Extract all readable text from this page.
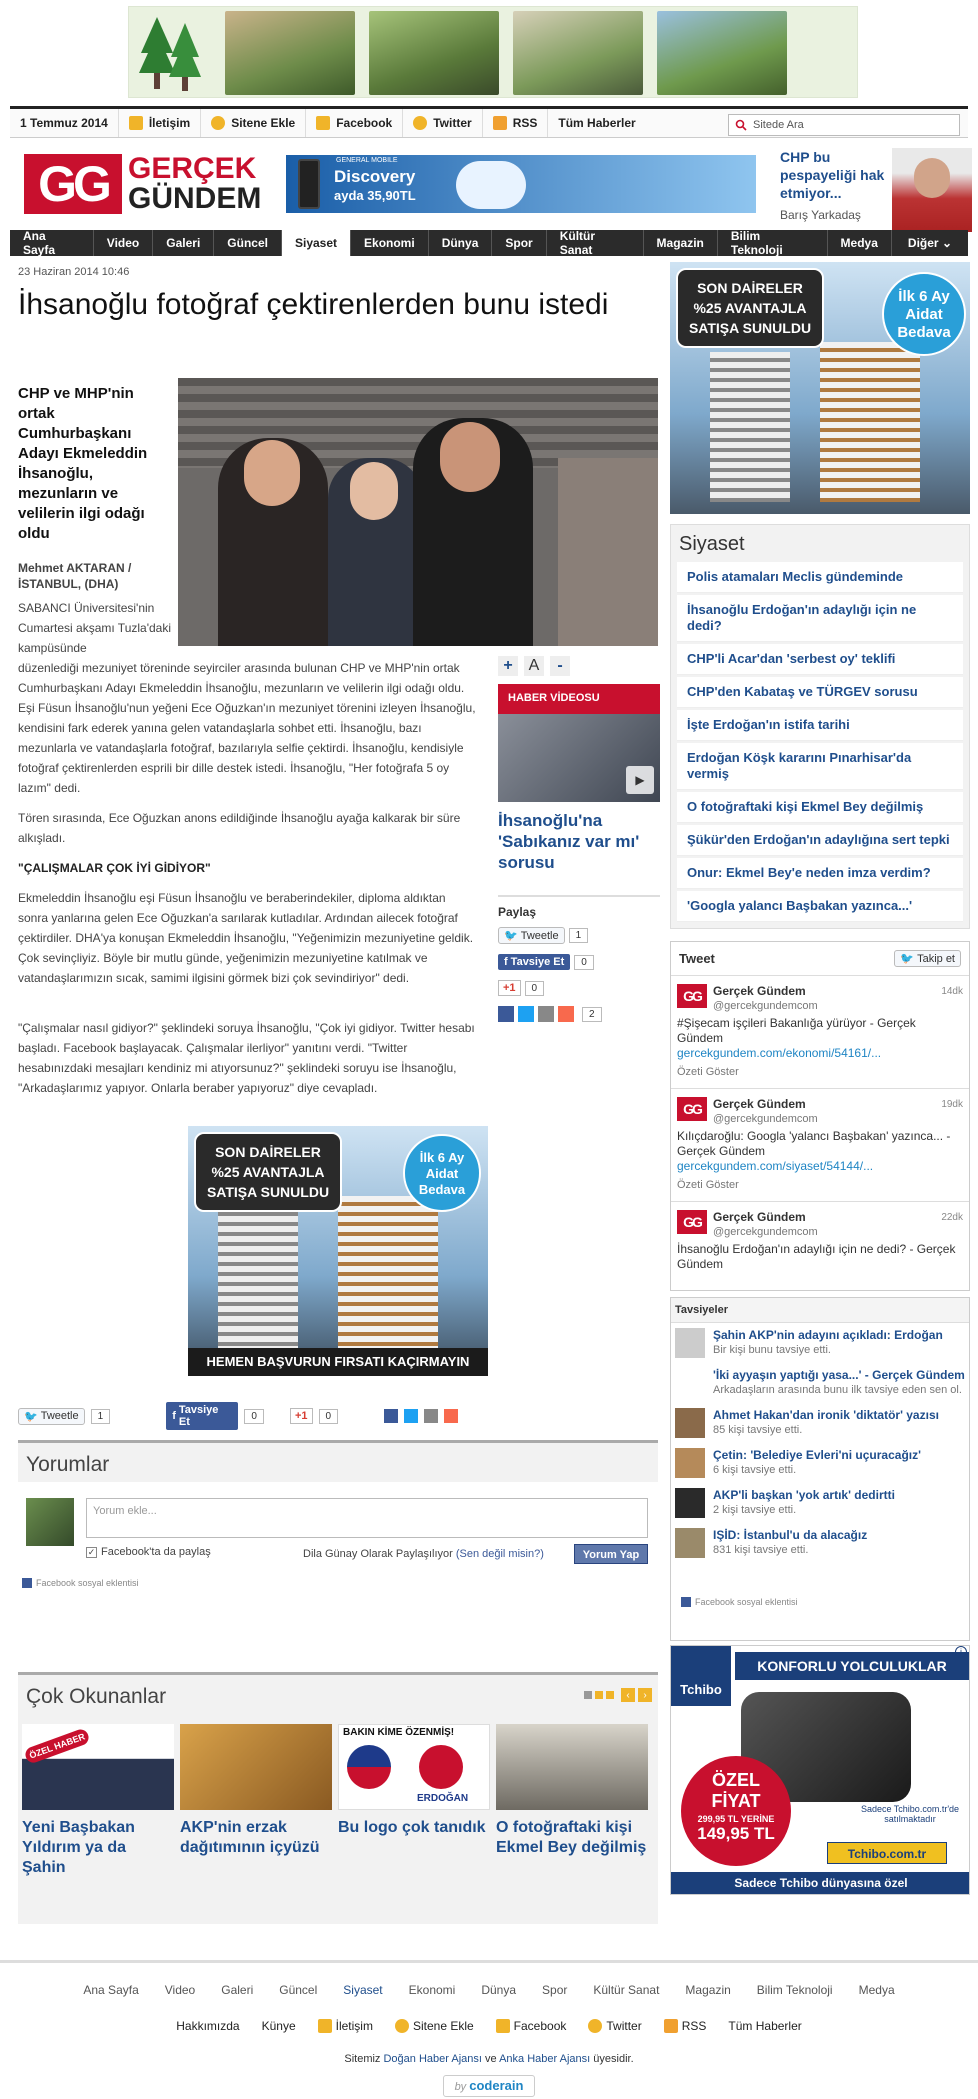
1 Temmuz 2014	İletişim	Sitene Ekle	Facebook	Twitter	RSS Tüm Haberler	Sitede Ara
GG GERÇEK
GÜNDEM
GENERAL MOBILE
Discovery
ayda 35,90TL
CHP bu pespayeliği hak etmiyor...
Barış Yarkadaş
Ana Sayfa	Video	Galeri	Güncel	Siyaset	Ekonomi	Dünya	Spor	Kültür Sanat	Magazin	Bilim Teknoloji	Medya	Diğer
⌄
23 Haziran 2014 10:46
İhsanoğlu fotoğraf çektirenlerden bunu istedi
CHP ve MHP'nin ortak Cumhurbaşkanı Adayı Ekmeleddin İhsanoğlu, mezunların ve velilerin ilgi odağı oldu
Mehmet AKTARAN / İSTANBUL, (DHA)

SABANCI Üniversitesi'nin Cumartesi akşamı Tuzla'daki kampüsünde

düzenlediği mezuniyet töreninde seyirciler arasında bulunan CHP ve MHP'nin ortak Cumhurbaşkanı Adayı Ekmeleddin İhsanoğlu, mezunların ve velilerin ilgi odağı oldu. Eşi Füsun İhsanoğlu'nun yeğeni Ece Oğuzkan'ın mezuniyet törenini izleyen İhsanoğlu, kendisini fark ederek yanına gelen vatandaşlarla sohbet etti. İhsanoğlu, bazı mezunlarla ve vatandaşlarla fotoğraf, bazılarıyla selfie çektirdi. İhsanoğlu, kendisiyle fotoğraf çektirenlerden esprili bir dille destek istedi. İhsanoğlu, "Her fotoğrafa 5 oy lazım" dedi.

Tören sırasında, Ece Oğuzkan anons edildiğinde İhsanoğlu ayağa kalkarak bir süre alkışladı.

"ÇALIŞMALAR ÇOK İYİ GİDİYOR"

Ekmeleddin İhsanoğlu eşi Füsun İhsanoğlu ve beraberindekiler, diploma aldıktan sonra yanlarına gelen Ece Oğuzkan'a sarılarak kutladılar. Ardından ailecek fotoğraf çektirdiler. DHA'ya konuşan Ekmeleddin İhsanoğlu, "Yeğenimizin mezuniyetine geldik. Çok sevinçliyiz. Böyle bir mutlu günde, yeğenimizin mezuniyetine katılmak ve vatandaşlarımızın sıcak, samimi ilgisini görmek bizi çok sevindiriyor" dedi.

"Çalışmalar nasıl gidiyor?" şeklindeki soruya İhsanoğlu, "Çok iyi gidiyor. Twitter hesabı başladı. Facebook başlayacak. Çalışmalar ilerliyor" yanıtını verdi. "Twitter hesabınızdaki mesajları kendiniz mi atıyorsunuz?" şeklindeki soruyu ise İhsanoğlu, "Arkadaşlarımız yapıyor. Onlarla beraber yapıyoruz" diye cevapladı.

+ A	-
HABER VİDEOSU
▶
İhsanoğlu'na 'Sabıkanız var mı' sorusu
Paylaş
🐦 Tweetle	1
f Tavsiye Et	0
+1	0
2
SON DAİRELER
%25 AVANTAJLA
SATIŞA SUNULDU
İlk 6 Ay
Aidat
Bedava
HEMEN BAŞVURUN FIRSATI KAÇIRMAYIN
🐦 Tweetle	1	f Tavsiye Et	0	+1	0
Yorumlar
Yorum ekle...
✓ Facebook'ta da paylaş	Dila Günay Olarak Paylaşılıyor (Sen değil misin?)	Yorum Yap
Facebook sosyal eklentisi
Çok Okunanlar	‹	›
ÖZEL HABER
Yeni Başbakan Yıldırım ya da Şahin
AKP'nin erzak dağıtımının içyüzü
BAKIN KİME ÖZENMİŞ!
ERDOĞAN
Bu logo çok tanıdık O fotoğraftaki kişi Ekmel Bey değilmiş
SON DAİRELER
%25 AVANTAJLA
SATIŞA SUNULDU
İlk 6 Ay
Aidat
Bedava
Siyaset
Polis atamaları Meclis gündeminde
İhsanoğlu Erdoğan'ın adaylığı için ne dedi?
CHP'li Acar'dan 'serbest oy' teklifi
CHP'den Kabataş ve TÜRGEV sorusu
İşte Erdoğan'ın istifa tarihi
Erdoğan Köşk kararını Pınarhisar'da vermiş
O fotoğraftaki kişi Ekmel Bey değilmiş
Şükür'den Erdoğan'ın adaylığına sert tepki
Onur: Ekmel Bey'e neden imza verdim?
'Googla yalancı Başbakan yazınca...'
Tweet	🐦 Takip et
GG	Gerçek Gündem	14dk
@gercekgundemcom
#Şişecam işçileri Bakanlığa yürüyor - Gerçek Gündem
gercekgundem.com/ekonomi/54161/...
Özeti Göster
GG	Gerçek Gündem	19dk
@gercekgundemcom
Kılıçdaroğlu: Googla 'yalancı Başbakan' yazınca... - Gerçek Gündem
gercekgundem.com/siyaset/54144/...
Özeti Göster
GG	Gerçek Gündem	22dk
@gercekgundemcom
İhsanoğlu Erdoğan'ın adaylığı için ne dedi? - Gerçek Gündem
Tavsiyeler
Şahin AKP'nin adayını açıkladı: Erdoğan
Bir kişi bunu tavsiye etti.
'İki ayyaşın yaptığı yasa...' - Gerçek Gündem
Arkadaşların arasında bunu ilk tavsiye eden sen ol.
Ahmet Hakan'dan ironik 'diktatör' yazısı
85 kişi tavsiye etti.
Çetin: 'Belediye Evleri'ni uçuracağız'
6 kişi tavsiye etti.
AKP'li başkan 'yok artık' dedirtti
2 kişi tavsiye etti.
IŞİD: İstanbul'u da alacağız
831 kişi tavsiye etti.
Facebook sosyal eklentisi
Tchibo
KONFORLU YOLCULUKLAR
i
ÖZEL
FİYAT
299,95 TL YERİNE
149,95 TL
Sadece Tchibo.com.tr'de satılmaktadır
Tchibo.com.tr
Sadece Tchibo dünyasına özel
Ana Sayfa Video Galeri Güncel Siyaset Ekonomi Dünya Spor Kültür Sanat Magazin Bilim Teknoloji Medya
Hakkımızda Künye	İletişim	Sitene Ekle	Facebook	Twitter	RSS Tüm Haberler
Sitemiz Doğan Haber Ajansı ve Anka Haber Ajansı üyesidir.
by coderain
